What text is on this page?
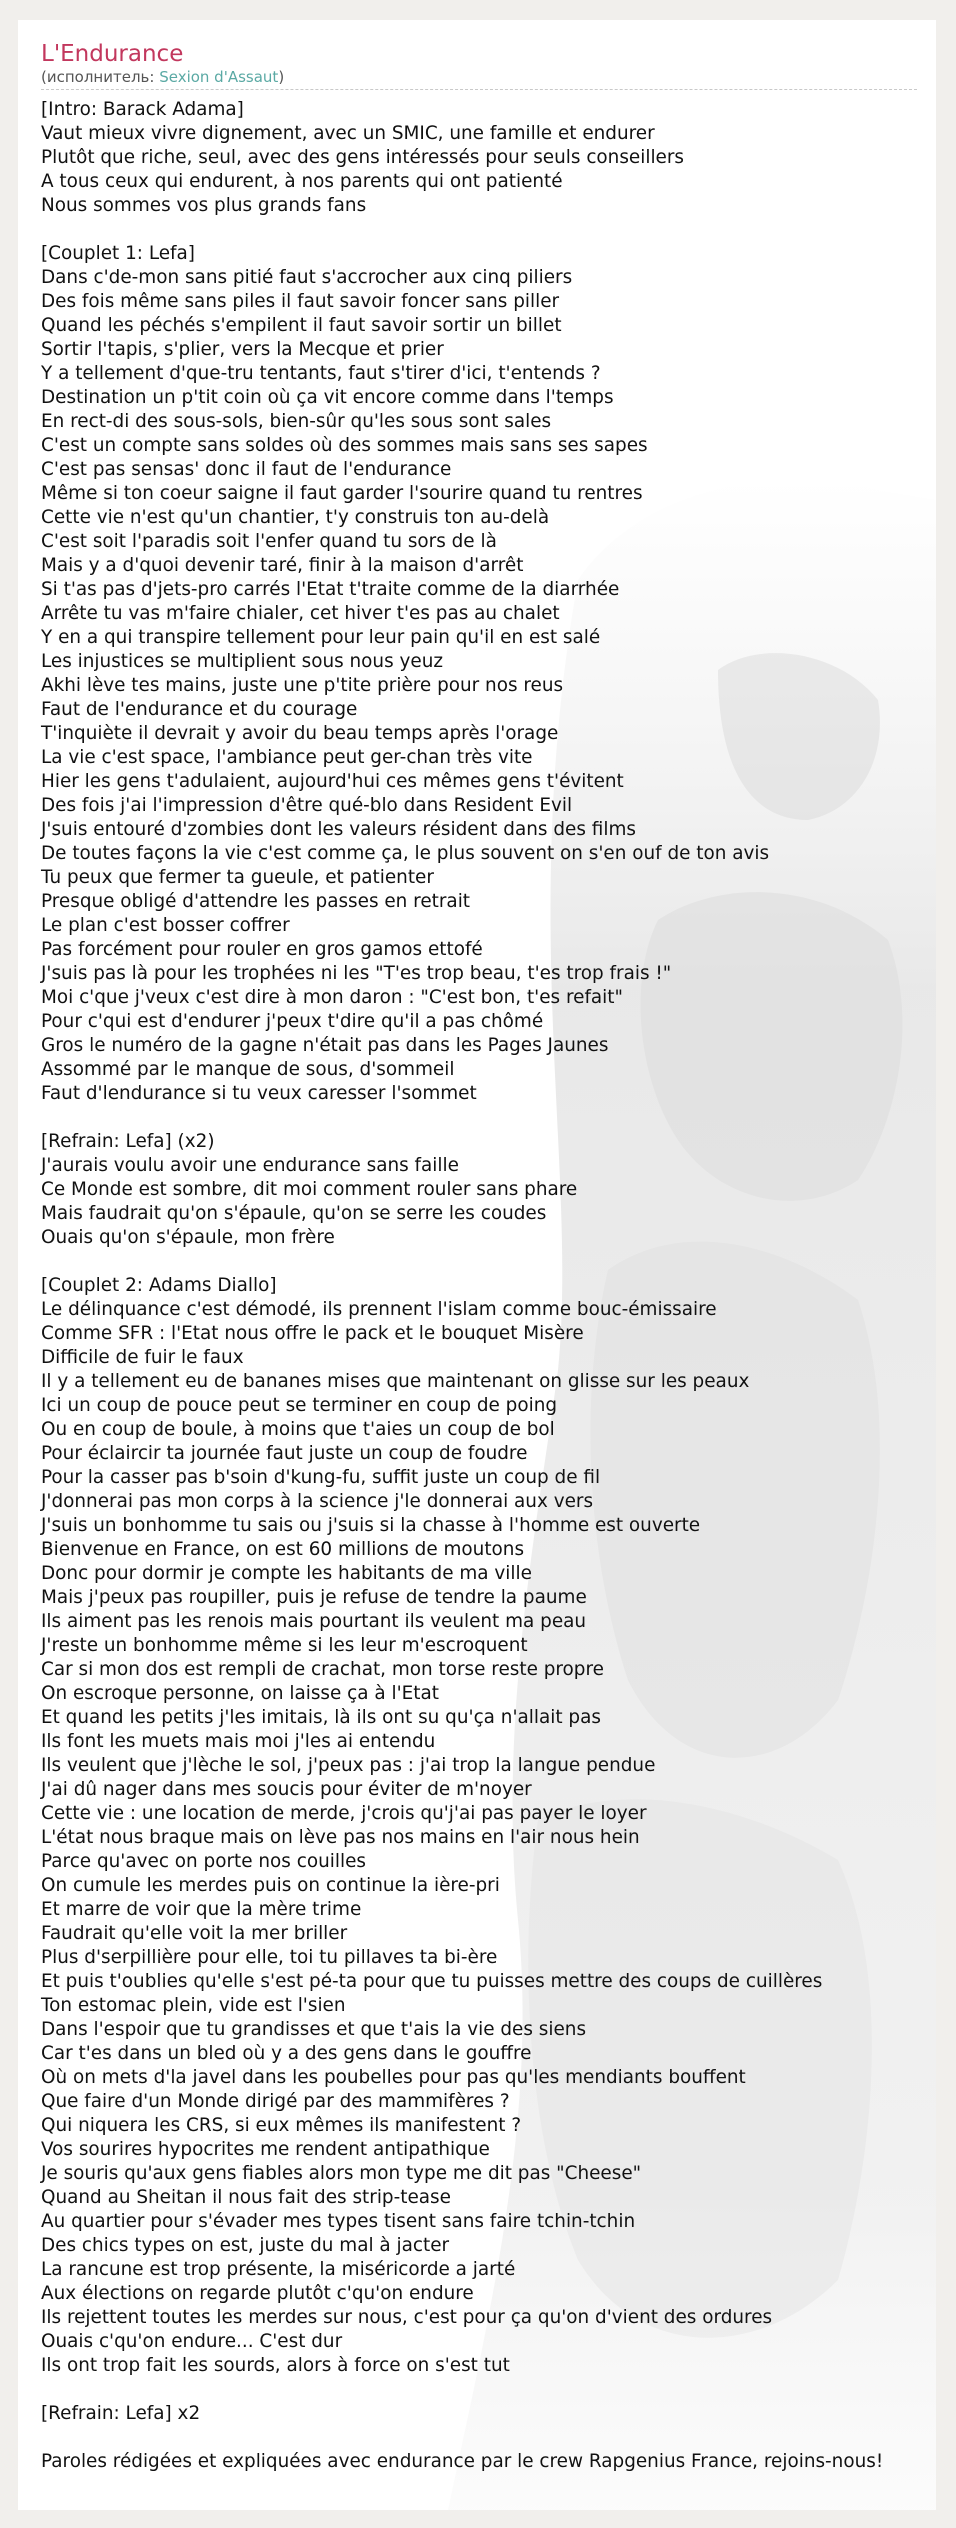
L'Endurance
(исполнитель: Sexion d'Assaut)
[Intro: Barack Adama]
Vaut mieux vivre dignement, avec un SMIC, une famille et endurer
Plutôt que riche, seul, avec des gens intéressés pour seuls conseillers
A tous ceux qui endurent, à nos parents qui ont patienté
Nous sommes vos plus grands fans
[Couplet 1: Lefa]
Dans c'de-mon sans pitié faut s'accrocher aux cinq piliers
Des fois même sans piles il faut savoir foncer sans piller
Quand les péchés s'empilent il faut savoir sortir un billet
Sortir l'tapis, s'plier, vers la Mecque et prier
Y a tellement d'que-tru tentants, faut s'tirer d'ici, t'entends ?
Destination un p'tit coin où ça vit encore comme dans l'temps
En rect-di des sous-sols, bien-sûr qu'les sous sont sales
C'est un compte sans soldes où des sommes mais sans ses sapes
C'est pas sensas' donc il faut de l'endurance
Même si ton coeur saigne il faut garder l'sourire quand tu rentres
Cette vie n'est qu'un chantier, t'y construis ton au-delà
C'est soit l'paradis soit l'enfer quand tu sors de là
Mais y a d'quoi devenir taré, finir à la maison d'arrêt
Si t'as pas d'jets-pro carrés l'Etat t'traite comme de la diarrhée
Arrête tu vas m'faire chialer, cet hiver t'es pas au chalet
Y en a qui transpire tellement pour leur pain qu'il en est salé
Les injustices se multiplient sous nous yeuz
Akhi lève tes mains, juste une p'tite prière pour nos reus
Faut de l'endurance et du courage
T'inquiète il devrait y avoir du beau temps après l'orage
La vie c'est space, l'ambiance peut ger-chan très vite
Hier les gens t'adulaient, aujourd'hui ces mêmes gens t'évitent
Des fois j'ai l'impression d'être qué-blo dans Resident Evil
J'suis entouré d'zombies dont les valeurs résident dans des films
De toutes façons la vie c'est comme ça, le plus souvent on s'en ouf de ton avis
Tu peux que fermer ta gueule, et patienter
Presque obligé d'attendre les passes en retrait
Le plan c'est bosser coffrer
Pas forcément pour rouler en gros gamos ettofé
J'suis pas là pour les trophées ni les "T'es trop beau, t'es trop frais !"
Moi c'que j'veux c'est dire à mon daron : "C'est bon, t'es refait"
Pour c'qui est d'endurer j'peux t'dire qu'il a pas chômé
Gros le numéro de la gagne n'était pas dans les Pages Jaunes
Assommé par le manque de sous, d'sommeil
Faut d'lendurance si tu veux caresser l'sommet
[Refrain: Lefa] (x2)
J'aurais voulu avoir une endurance sans faille
Ce Monde est sombre, dit moi comment rouler sans phare
Mais faudrait qu'on s'épaule, qu'on se serre les coudes
Ouais qu'on s'épaule, mon frère
[Couplet 2: Adams Diallo]
Le délinquance c'est démodé, ils prennent l'islam comme bouc-émissaire
Comme SFR : l'Etat nous offre le pack et le bouquet Misère
Difficile de fuir le faux
Il y a tellement eu de bananes mises que maintenant on glisse sur les peaux
Ici un coup de pouce peut se terminer en coup de poing
Ou en coup de boule, à moins que t'aies un coup de bol
Pour éclaircir ta journée faut juste un coup de foudre
Pour la casser pas b'soin d'kung-fu, suffit juste un coup de fil
J'donnerai pas mon corps à la science j'le donnerai aux vers
J'suis un bonhomme tu sais ou j'suis si la chasse à l'homme est ouverte
Bienvenue en France, on est 60 millions de moutons
Donc pour dormir je compte les habitants de ma ville
Mais j'peux pas roupiller, puis je refuse de tendre la paume
Ils aiment pas les renois mais pourtant ils veulent ma peau
J'reste un bonhomme même si les leur m'escroquent
Car si mon dos est rempli de crachat, mon torse reste propre
On escroque personne, on laisse ça à l'Etat
Et quand les petits j'les imitais, là ils ont su qu'ça n'allait pas
Ils font les muets mais moi j'les ai entendu
Ils veulent que j'lèche le sol, j'peux pas : j'ai trop la langue pendue
J'ai dû nager dans mes soucis pour éviter de m'noyer
Cette vie : une location de merde, j'crois qu'j'ai pas payer le loyer
L'état nous braque mais on lève pas nos mains en l'air nous hein
Parce qu'avec on porte nos couilles
On cumule les merdes puis on continue la ière-pri
Et marre de voir que la mère trime
Faudrait qu'elle voit la mer briller
Plus d'serpillière pour elle, toi tu pillaves ta bi-ère
Et puis t'oublies qu'elle s'est pé-ta pour que tu puisses mettre des coups de cuillères
Ton estomac plein, vide est l'sien
Dans l'espoir que tu grandisses et que t'ais la vie des siens
Car t'es dans un bled où y a des gens dans le gouffre
Où on mets d'la javel dans les poubelles pour pas qu'les mendiants bouffent
Que faire d'un Monde dirigé par des mammifères ?
Qui niquera les CRS, si eux mêmes ils manifestent ?
Vos sourires hypocrites me rendent antipathique
Je souris qu'aux gens fiables alors mon type me dit pas "Cheese"
Quand au Sheitan il nous fait des strip-tease
Au quartier pour s'évader mes types tisent sans faire tchin-tchin
Des chics types on est, juste du mal à jacter
La rancune est trop présente, la miséricorde a jarté
Aux élections on regarde plutôt c'qu'on endure
Ils rejettent toutes les merdes sur nous, c'est pour ça qu'on d'vient des ordures
Ouais c'qu'on endure... C'est dur
Ils ont trop fait les sourds, alors à force on s'est tut
[Refrain: Lefa] x2
Paroles rédigées et expliquées avec endurance par le crew Rapgenius France, rejoins-nous!
